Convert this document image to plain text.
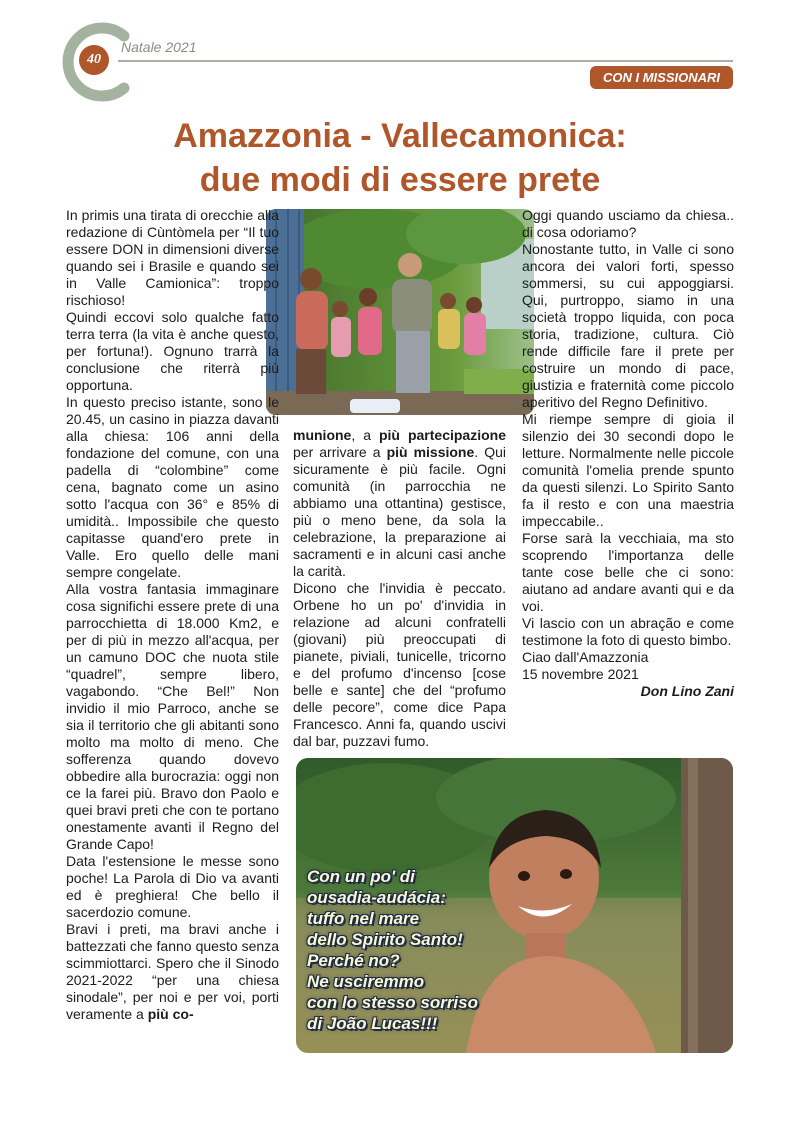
40
Natale 2021
CON I MISSIONARI
Amazzonia - Vallecamonica:
due modi di essere prete

In primis una tirata di orecchie alla redazione di Cùntòmela per “Il tuo essere DON in dimensioni diverse quando sei i Brasile e quando sei in Valle Camionica”: troppo rischioso!

Quindi eccovi solo qualche fatto terra terra (la vita è anche questo, per fortuna!). Ognuno trarrà la conclusione che riterrà più opportuna.

In questo preciso istante, sono le 20.45, un casino in piazza davanti alla chiesa: 106 anni della fondazione del comune, con una padella di “colombine” come cena, bagnato come un asino sotto l'acqua con 36° e 85% di umidità.. Impossibile che questo capitasse quand'ero prete in Valle. Ero quello delle mani sempre congelate.

Alla vostra fantasia immaginare cosa significhi essere prete di una parrocchietta di 18.000 Km2, e per di più in mezzo all'acqua, per un camuno DOC che nuota stile “quadrel”, sempre libero, vagabondo. “Che Bel!” Non invidio il mio Parroco, anche se sia il territorio che gli abitanti sono molto ma molto di meno. Che sofferenza quando dovevo obbedire alla burocrazia: oggi non ce la farei più. Bravo don Paolo e quei bravi preti che con te portano onestamente avanti il Regno del Grande Capo!

Data l'estensione le messe sono poche! La Parola di Dio va avanti ed è preghiera! Che bello il sacerdozio comune.

Bravi i preti, ma bravi anche i battezzati che fanno questo senza scimmiottarci. Spero che il Sinodo 2021-2022 “per una chiesa sinodale”, per noi e per voi, porti veramente a più co-

munione, a più partecipazione per arrivare a più missione. Qui sicuramente è più facile. Ogni comunità (in parrocchia ne abbiamo una ottantina) gestisce, più o meno bene, da sola la celebrazione, la preparazione ai sacramenti e in alcuni casi anche la carità.

Dicono che l'invidia è peccato. Orbene ho un po' d'invidia in relazione ad alcuni confratelli (giovani) più preoccupati di pianete, piviali, tunicelle, tricorno e del profumo d'incenso [cose belle e sante] che del “profumo delle pecore”, come dice Papa Francesco. Anni fa, quando uscivi dal bar, puzzavi fumo.

Oggi quando usciamo da chiesa.. di cosa odoriamo?

Nonostante tutto, in Valle ci sono ancora dei valori forti, spesso sommersi, su cui appoggiarsi. Qui, purtroppo, siamo in una società troppo liquida, con poca storia, tradizione, cultura. Ciò rende difficile fare il prete per costruire un mondo di pace, giustizia e fraternità come piccolo aperitivo del Regno Definitivo.

Mi riempe sempre di gioia il silenzio dei 30 secondi dopo le letture. Normalmente nelle piccole comunità l'omelia prende spunto da questi silenzi. Lo Spirito Santo fa il resto e con una maestria impeccabile..

Forse sarà la vecchiaia, ma sto scoprendo l'importanza delle tante cose belle che ci sono: aiutano ad andare avanti qui e da voi.

Vi lascio con un abração e come testimone la foto di questo bimbo.

Ciao dall'Amazzonia

15 novembre 2021

Don Lino Zani

Con un po' di
ousadia-audácia:
tuffo nel mare
dello Spirito Santo!
Perché no?
Ne usciremmo
con lo stesso sorriso
di João Lucas!!!
